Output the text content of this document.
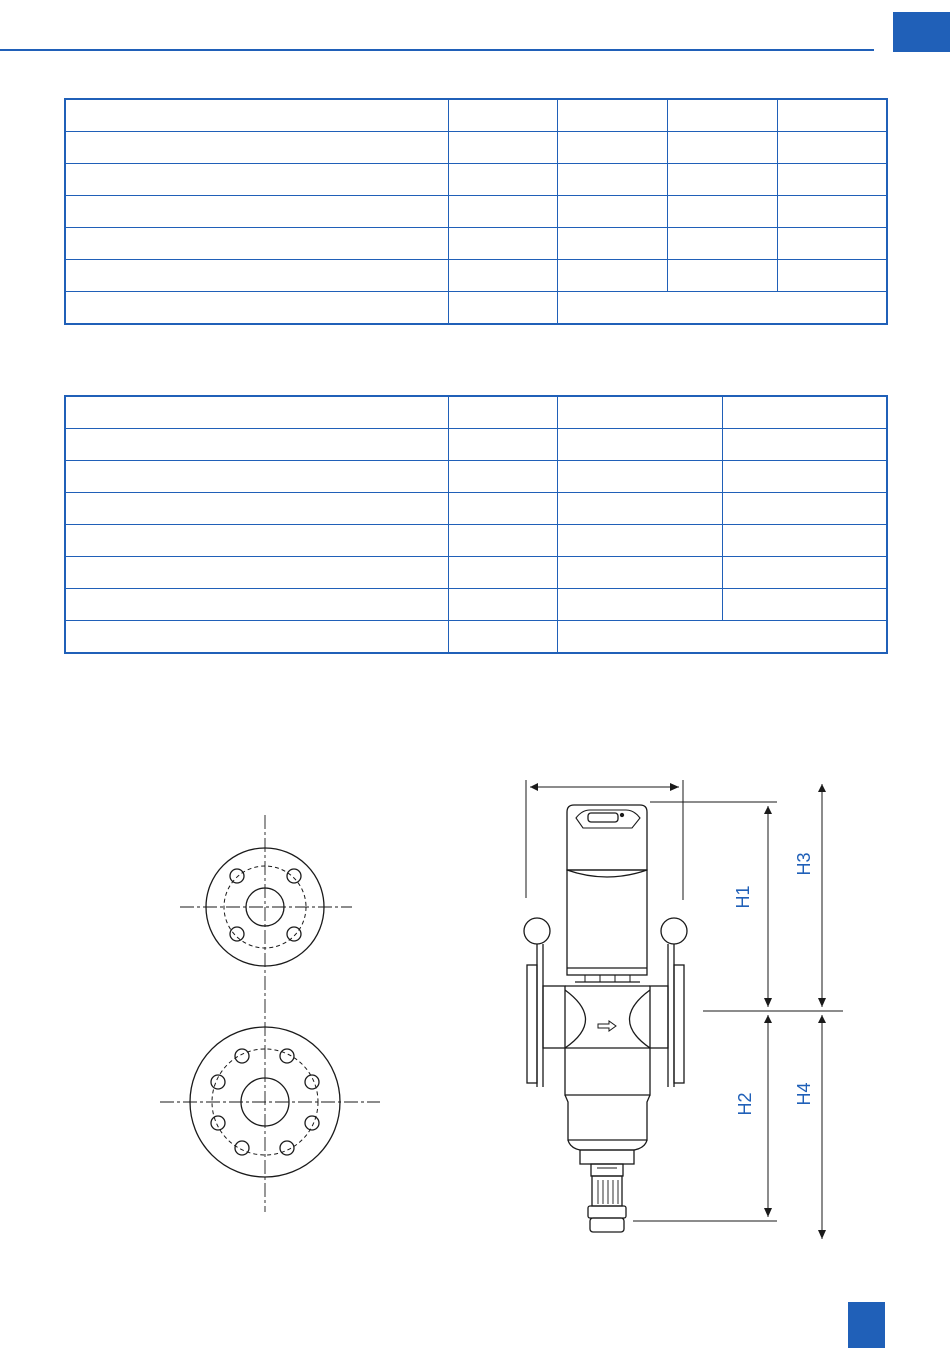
H1
H2
H3
H4
